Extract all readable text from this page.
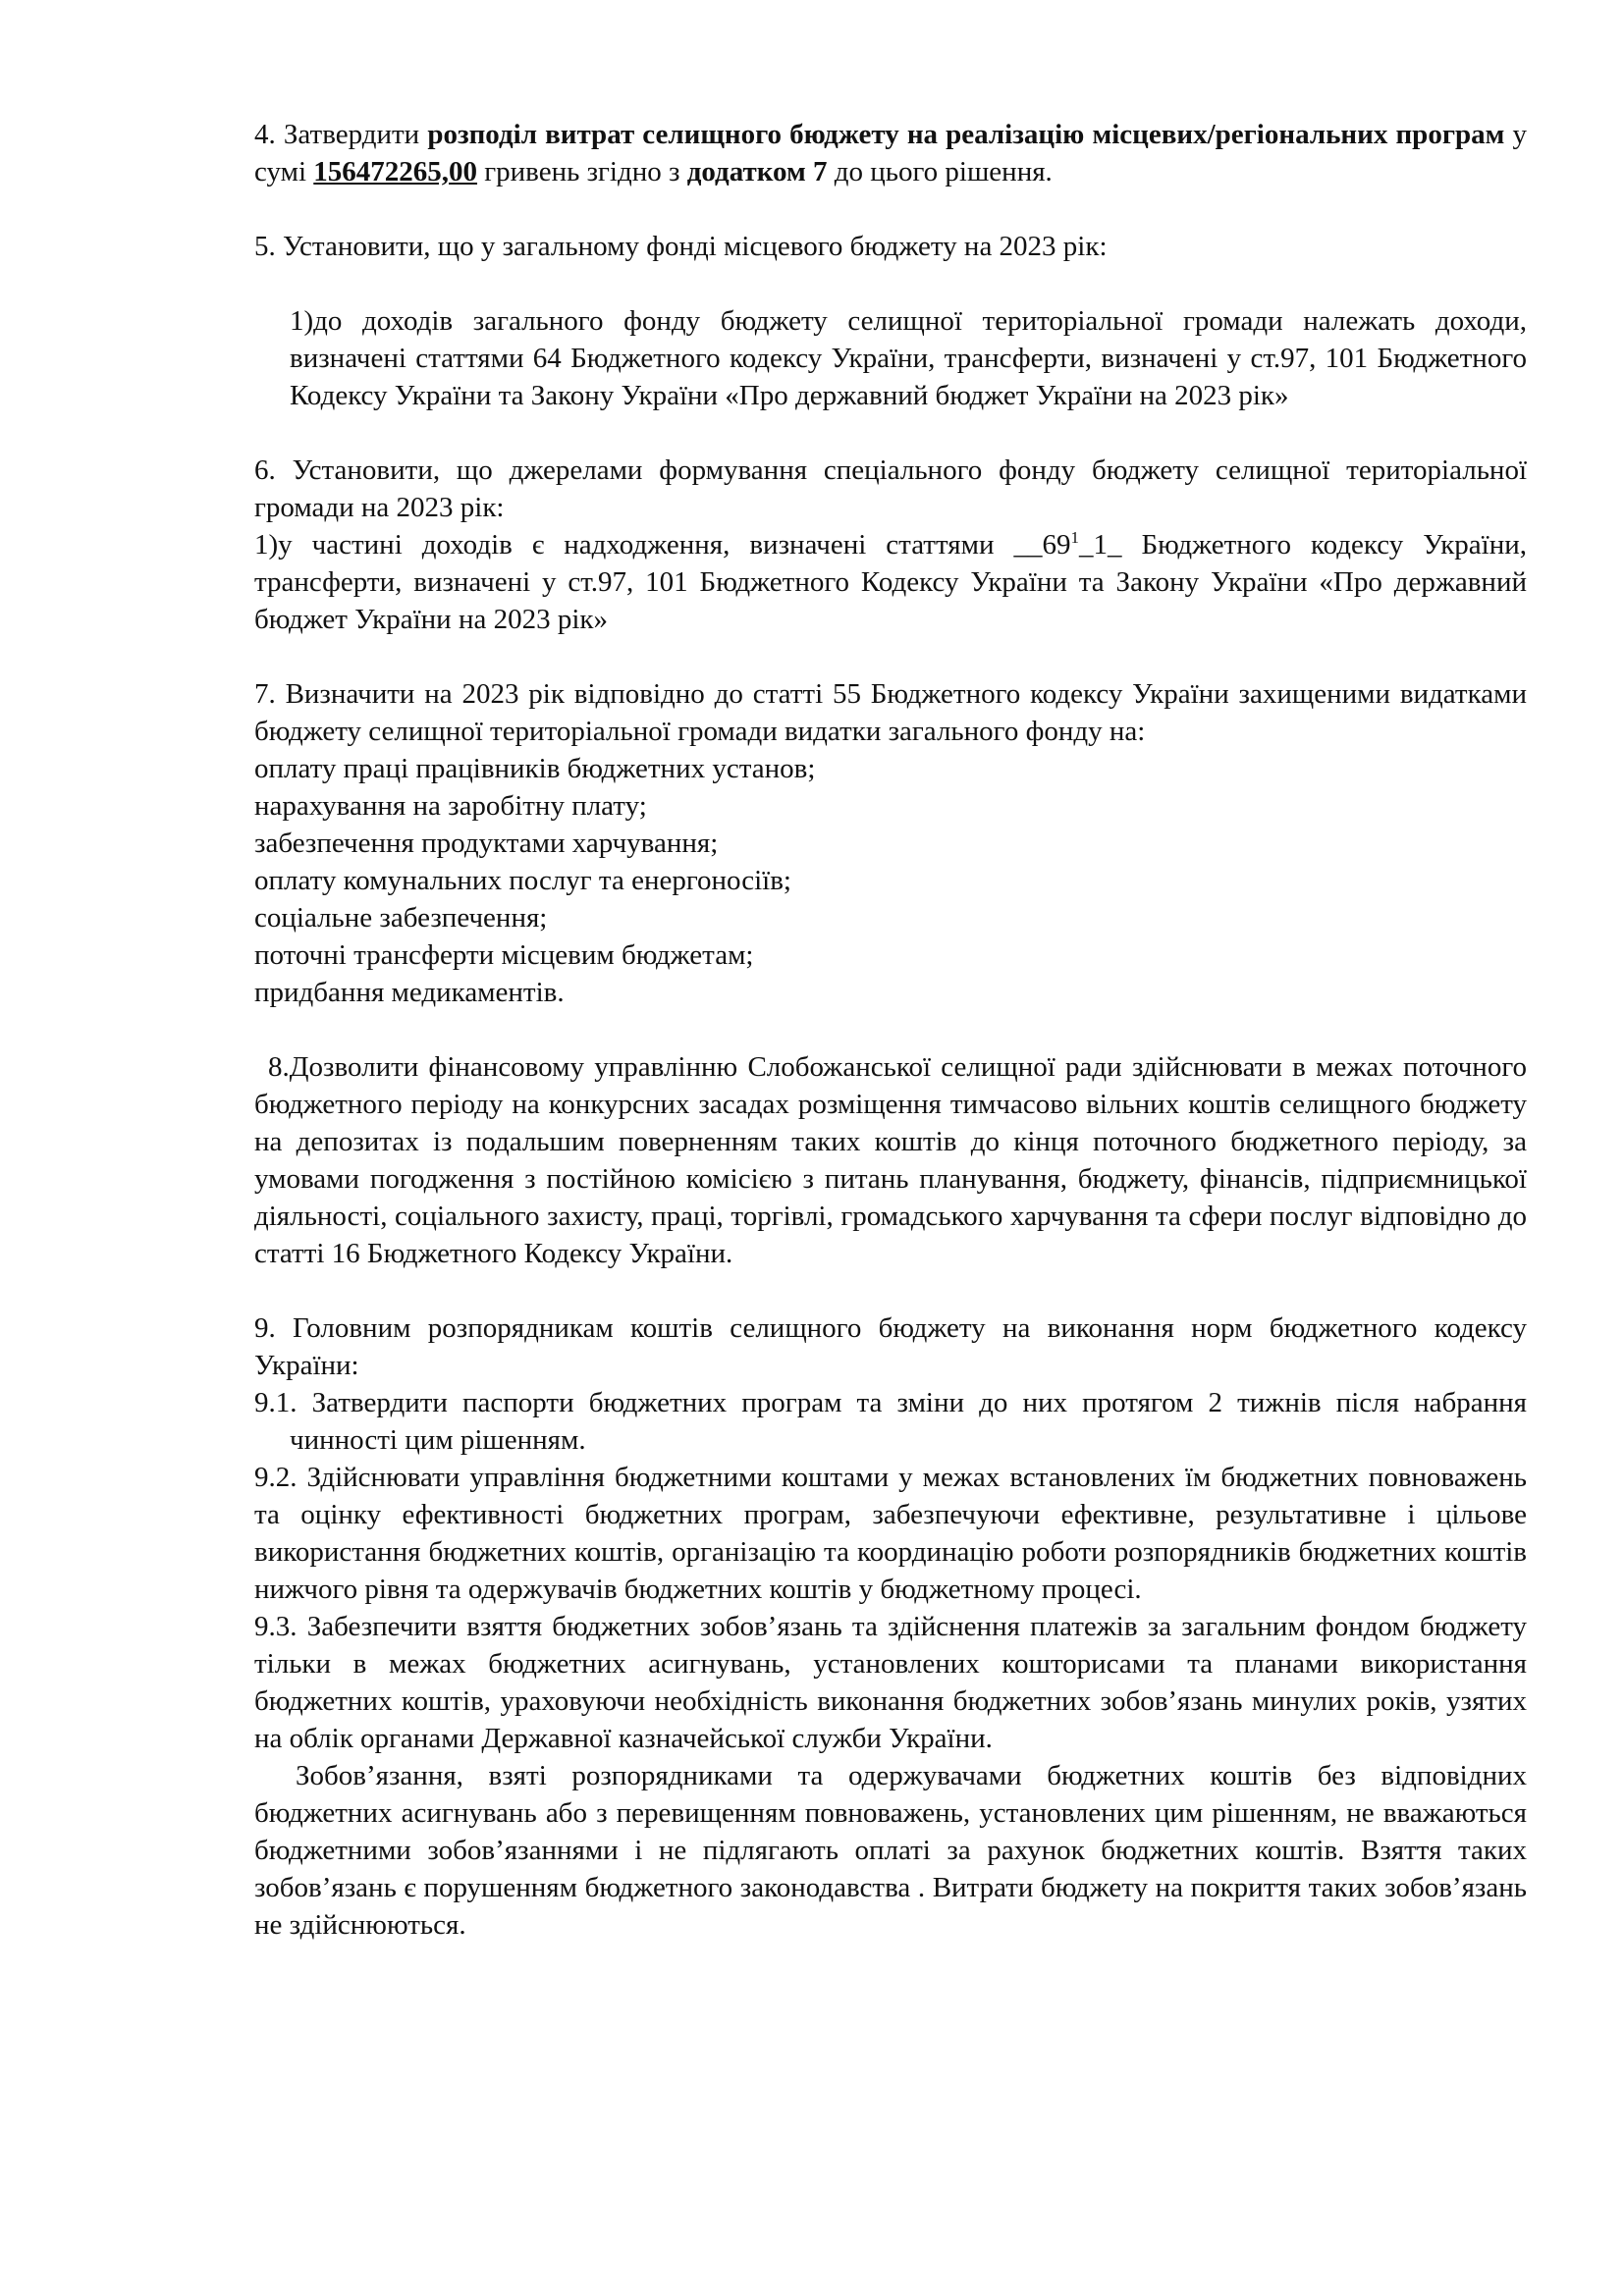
4. Затвердити розподіл витрат селищного бюджету на реалізацію місцевих/регіональних програм у сумі 156472265,00 гривень згідно з додатком 7 до цього рішення.

5. Установити, що у загальному фонді місцевого бюджету на 2023 рік:

1)до доходів загального фонду бюджету селищної територіальної громади належать доходи, визначені статтями 64 Бюджетного кодексу України, трансферти, визначені у ст.97, 101 Бюджетного Кодексу України та Закону України «Про державний бюджет України на 2023 рік»

6. Установити, що джерелами формування спеціального фонду бюджету селищної територіальної громади на 2023 рік:

1)у частині доходів є надходження, визначені статтями $\_\_69^1\_1\_$ Бюджетного кодексу України, трансферти, визначені у ст.97, 101 Бюджетного Кодексу України та Закону України «Про державний бюджет України на 2023 рік»

7. Визначити на 2023 рік відповідно до статті 55 Бюджетного кодексу України захищеними видатками бюджету селищної територіальної громади видатки загального фонду на:

оплату праці працівників бюджетних установ;

нарахування на заробітну плату;

забезпечення продуктами харчування;

оплату комунальних послуг та енергоносіїв;

соціальне забезпечення;

поточні трансферти місцевим бюджетам;

придбання медикаментів.

8.Дозволити фінансовому управлінню Слобожанської селищної ради здійснювати в межах поточного бюджетного періоду на конкурсних засадах розміщення тимчасово вільних коштів селищного бюджету на депозитах із подальшим поверненням таких коштів до кінця поточного бюджетного періоду, за умовами погодження з постійною комісією з питань планування, бюджету, фінансів, підприємницької діяльності, соціального захисту, праці, торгівлі, громадського харчування та сфери послуг відповідно до статті 16 Бюджетного Кодексу України.

9. Головним розпорядникам коштів селищного бюджету на виконання норм бюджетного кодексу України:

9.1. Затвердити паспорти бюджетних програм та зміни до них протягом 2 тижнів після набрання чинності цим рішенням.

9.2. Здійснювати управління бюджетними коштами у межах встановлених їм бюджетних повноважень та оцінку ефективності бюджетних програм, забезпечуючи ефективне, результативне і цільове використання бюджетних коштів, організацію та координацію роботи розпорядників бюджетних коштів нижчого рівня та одержувачів бюджетних коштів у бюджетному процесі.

9.3. Забезпечити взяття бюджетних зобов’язань та здійснення платежів за загальним фондом бюджету тільки в межах бюджетних асигнувань, установлених кошторисами та планами використання бюджетних коштів, ураховуючи необхідність виконання бюджетних зобов’язань минулих років, узятих на облік органами Державної казначейської служби України.

Зобов’язання, взяті розпорядниками та одержувачами бюджетних коштів без відповідних бюджетних асигнувань або з перевищенням повноважень, установлених цим рішенням, не вважаються бюджетними зобов’язаннями і не підлягають оплаті за рахунок бюджетних коштів. Взяття таких зобов’язань є порушенням бюджетного законодавства . Витрати бюджету на покриття таких зобов’язань не здійснюються.
